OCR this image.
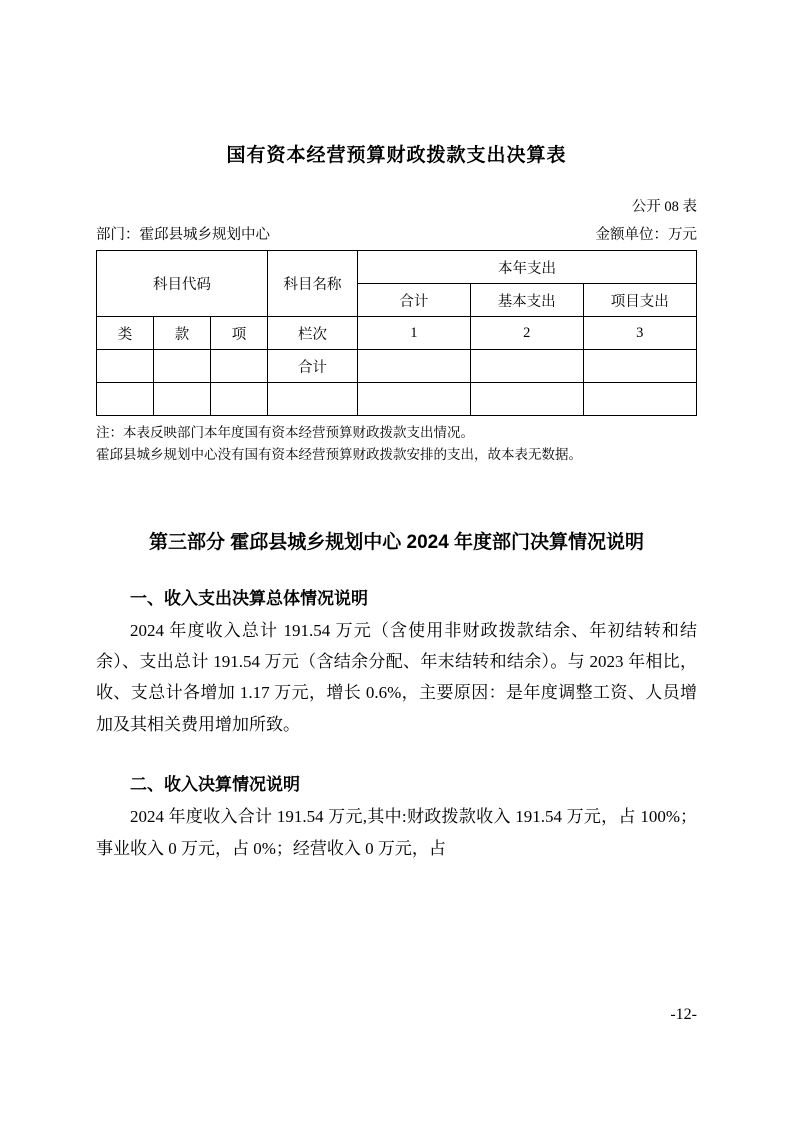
国有资本经营预算财政拨款支出决算表
公开 08 表
部门：霍邱县城乡规划中心	金额单位：万元
科目代码			科目名称	本年支出		
				合计	基本支出	项目支出
类	款	项	栏次	1	2	3
			合计			

注：本表反映部门本年度国有资本经营预算财政拨款支出情况。
霍邱县城乡规划中心没有国有资本经营预算财政拨款安排的支出，故本表无数据。
第三部分 霍邱县城乡规划中心 2024 年度部门决算情况说明
一、收入支出决算总体情况说明

2024 年度收入总计 191.54 万元（含使用非财政拨款结余、年初结转和结余）、支出总计 191.54 万元（含结余分配、年末结转和结余）。与 2023 年相比，收、支总计各增加 1.17 万元，增长 0.6%，主要原因：是年度调整工资、人员增加及其相关费用增加所致。

二、收入决算情况说明

2024 年度收入合计 191.54 万元,其中:财政拨款收入 191.54 万元，占 100%；事业收入 0 万元，占 0%；经营收入 0 万元，占

-12-
